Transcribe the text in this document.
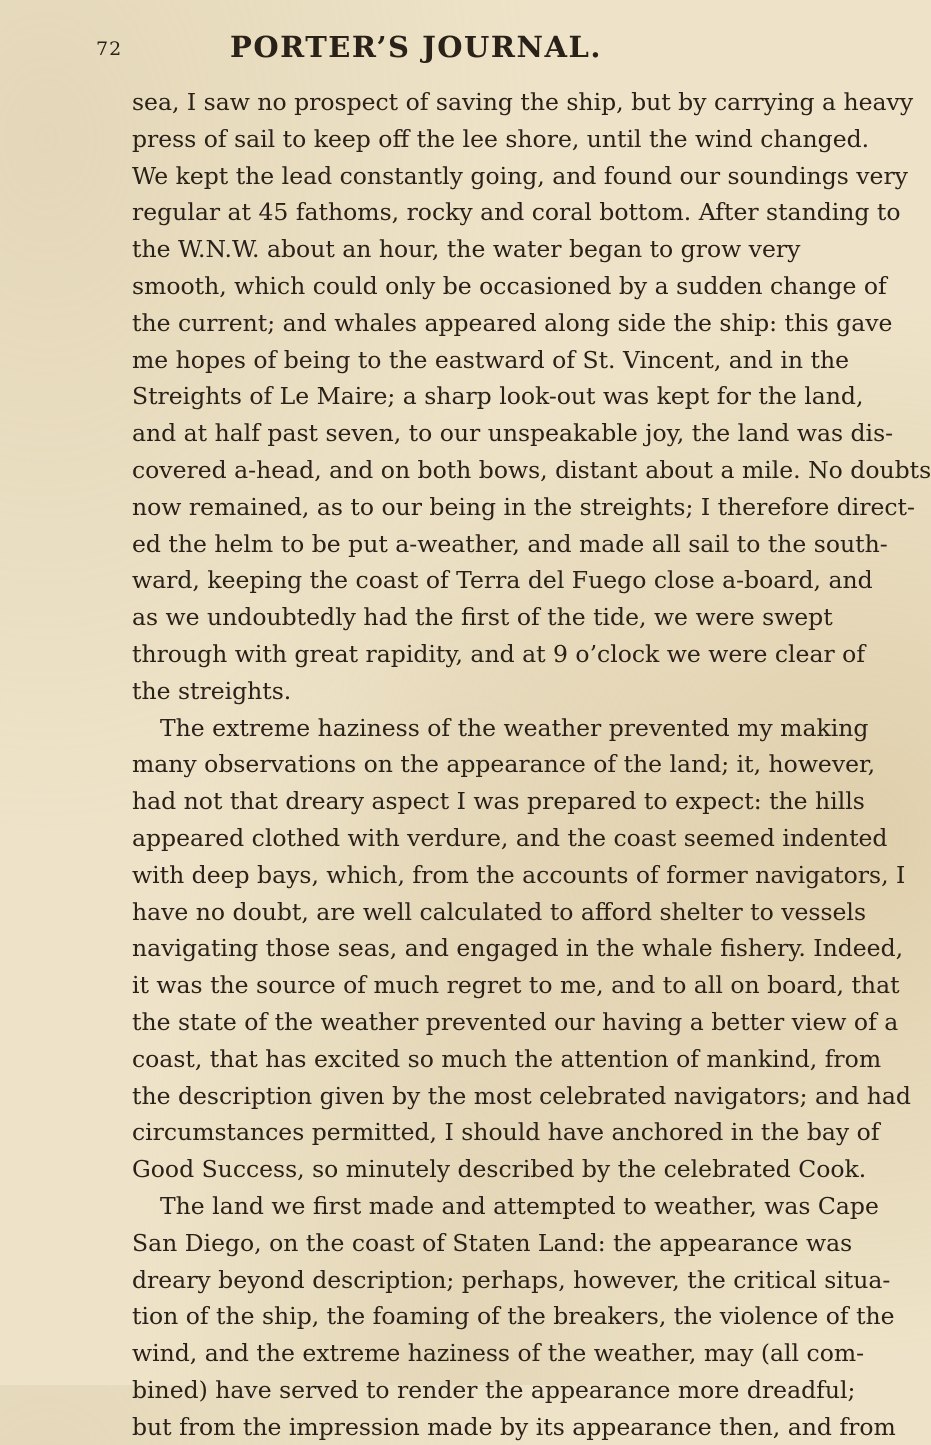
72	PORTER’S JOURNAL.
sea, I saw no prospect of saving the ship, but by carrying a heavy
press of sail to keep off the lee shore, until the wind changed.
We kept the lead constantly going, and found our soundings very
regular at 45 fathoms, rocky and coral bottom. After standing to
the W.N.W. about an hour, the water began to grow very
smooth, which could only be occasioned by a sudden change of
the current; and whales appeared along side the ship: this gave
me hopes of being to the eastward of St. Vincent, and in the
Streights of Le Maire; a sharp look-out was kept for the land,
and at half past seven, to our unspeakable joy, the land was dis-
covered a-head, and on both bows, distant about a mile. No doubts
now remained, as to our being in the streights; I therefore direct-
ed the helm to be put a-weather, and made all sail to the south-
ward, keeping the coast of Terra del Fuego close a-board, and
as we undoubtedly had the first of the tide, we were swept
through with great rapidity, and at 9 o’clock we were clear of
the streights.
The extreme haziness of the weather prevented my making
many observations on the appearance of the land; it, however,
had not that dreary aspect I was prepared to expect: the hills
appeared clothed with verdure, and the coast seemed indented
with deep bays, which, from the accounts of former navigators, I
have no doubt, are well calculated to afford shelter to vessels
navigating those seas, and engaged in the whale fishery. Indeed,
it was the source of much regret to me, and to all on board, that
the state of the weather prevented our having a better view of a
coast, that has excited so much the attention of mankind, from
the description given by the most celebrated navigators; and had
circumstances permitted, I should have anchored in the bay of
Good Success, so minutely described by the celebrated Cook.
The land we first made and attempted to weather, was Cape
San Diego, on the coast of Staten Land: the appearance was
dreary beyond description; perhaps, however, the critical situa-
tion of the ship, the foaming of the breakers, the violence of the
wind, and the extreme haziness of the weather, may (all com-
bined) have served to render the appearance more dreadful;
but from the impression made by its appearance then, and from
